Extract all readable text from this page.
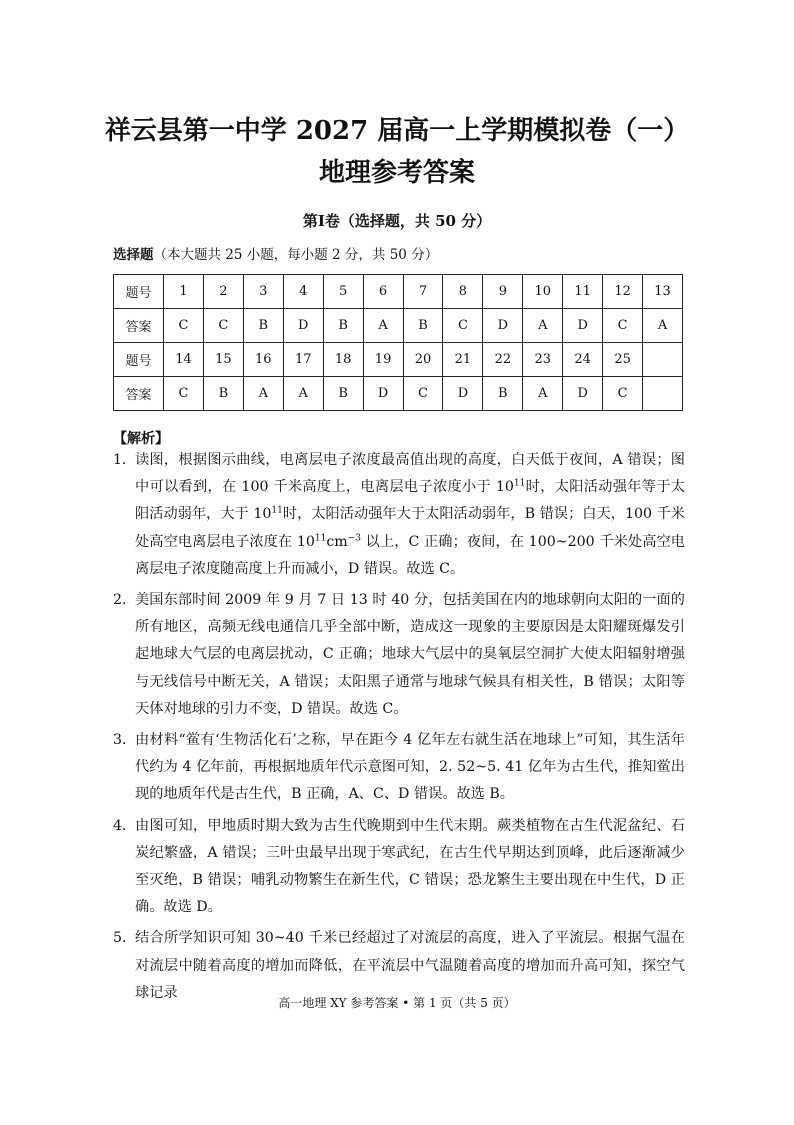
祥云县第一中学 2027 届高一上学期模拟卷（一）
地理参考答案
第Ⅰ卷（选择题，共 50 分）
选择题（本大题共 25 小题，每小题 2 分，共 50 分）
题号	1	2	3	4	5	6	7	8	9	10	11	12	13
答案	C	C	B	D	B	A	B	C	D	A	D	C	A
题号	14	15	16	17	18	19	20	21	22	23	24	25	
答案	C	B	A	A	B	D	C	D	B	A	D	C	
【解析】
1．
读图，根据图示曲线，电离层电子浓度最高值出现的高度，白天低于夜间，A 错误；图中可以看到，在 100 千米高度上，电离层电子浓度小于 $10^{11}$时，太阳活动强年等于太阳活动弱年，大于 $10^{11}$时，太阳活动强年大于太阳活动弱年，B 错误；白天，100 千米处高空电离层电子浓度在 $10^{11}cm^{-3}$ 以上，C 正确；夜间，在 100~200 千米处高空电离层电子浓度随高度上升而减小，D 错误。故选 C。
2．
美国东部时间 2009 年 9 月 7 日 13 时 40 分，包括美国在内的地球朝向太阳的一面的所有地区，高频无线电通信几乎全部中断，造成这一现象的主要原因是太阳耀斑爆发引起地球大气层的电离层扰动，C 正确；地球大气层中的臭氧层空洞扩大使太阳辐射增强与无线信号中断无关，A 错误；太阳黑子通常与地球气候具有相关性，B 错误；太阳等天体对地球的引力不变，D 错误。故选 C。
3．
由材料“鲎有‘生物活化石’之称，早在距今 4 亿年左右就生活在地球上”可知，其生活年代约为 4 亿年前，再根据地质年代示意图可知，2. 52~5. 41 亿年为古生代，推知鲎出现的地质年代是古生代，B 正确，A、C、D 错误。故选 B。
4．
由图可知，甲地质时期大致为古生代晚期到中生代末期。蕨类植物在古生代泥盆纪、石炭纪繁盛，A 错误；三叶虫最早出现于寒武纪，在古生代早期达到顶峰，此后逐渐减少至灭绝，B 错误；哺乳动物繁生在新生代，C 错误；恐龙繁生主要出现在中生代，D 正确。故选 D。
5．
结合所学知识可知 30~40 千米已经超过了对流层的高度，进入了平流层。根据气温在对流层中随着高度的增加而降低，在平流层中气温随着高度的增加而升高可知，探空气球记录
高一地理 XY 参考答案 • 第 1 页（共 5 页）
